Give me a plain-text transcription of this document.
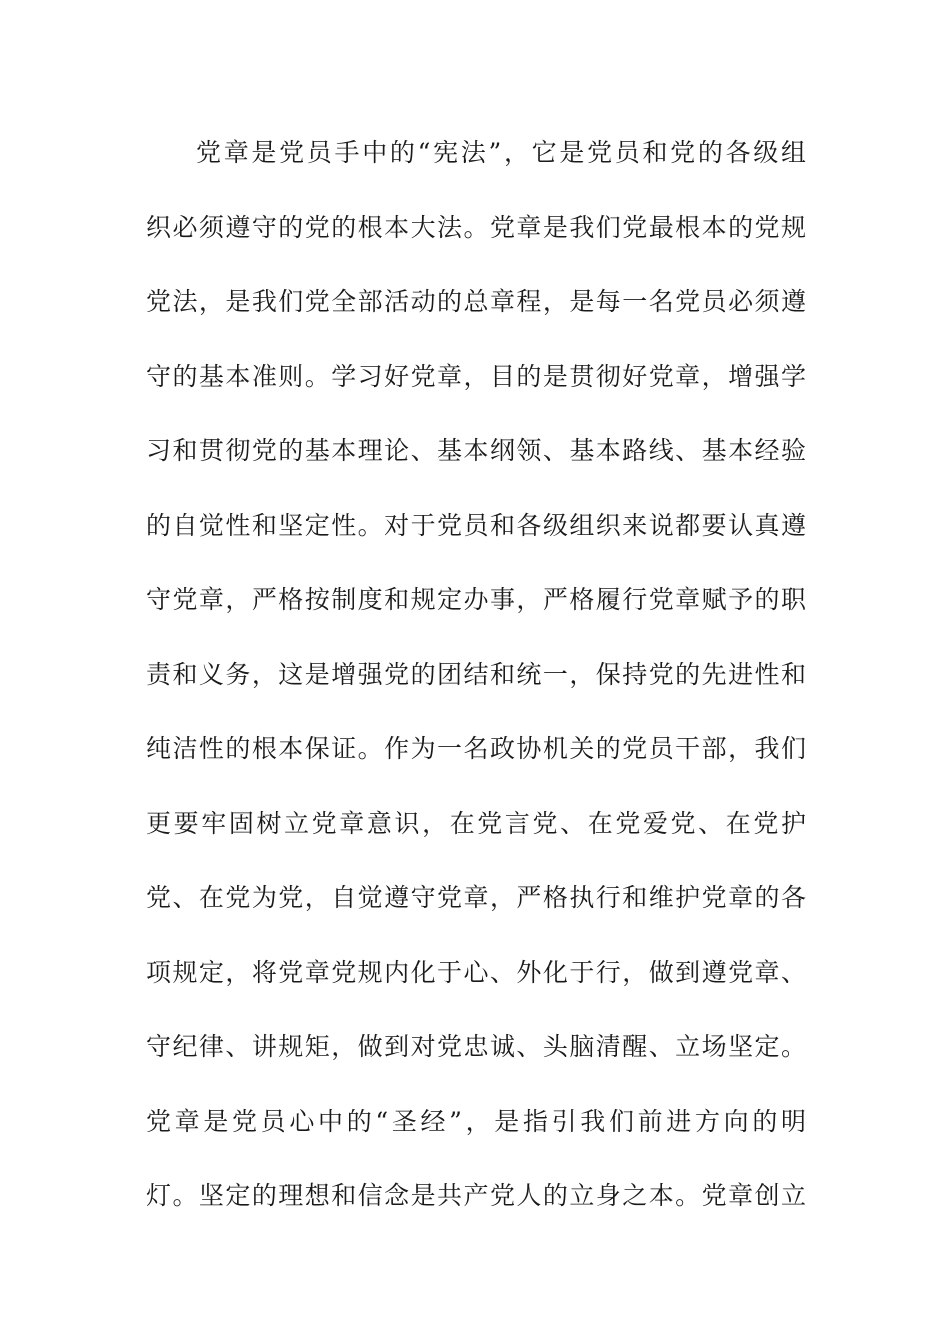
党章是党员手中的“宪法”，它是党员和党的各级组
织必须遵守的党的根本大法。党章是我们党最根本的党规
党法，是我们党全部活动的总章程，是每一名党员必须遵
守的基本准则。学习好党章，目的是贯彻好党章，增强学
习和贯彻党的基本理论、基本纲领、基本路线、基本经验
的自觉性和坚定性。对于党员和各级组织来说都要认真遵
守党章，严格按制度和规定办事，严格履行党章赋予的职
责和义务，这是增强党的团结和统一，保持党的先进性和
纯洁性的根本保证。作为一名政协机关的党员干部，我们
更要牢固树立党章意识，在党言党、在党爱党、在党护
党、在党为党，自觉遵守党章，严格执行和维护党章的各
项规定，将党章党规内化于心、外化于行，做到遵党章、
守纪律、讲规矩，做到对党忠诚、头脑清醒、立场坚定。
党章是党员心中的“圣经”，是指引我们前进方向的明
灯。坚定的理想和信念是共产党人的立身之本。党章创立
